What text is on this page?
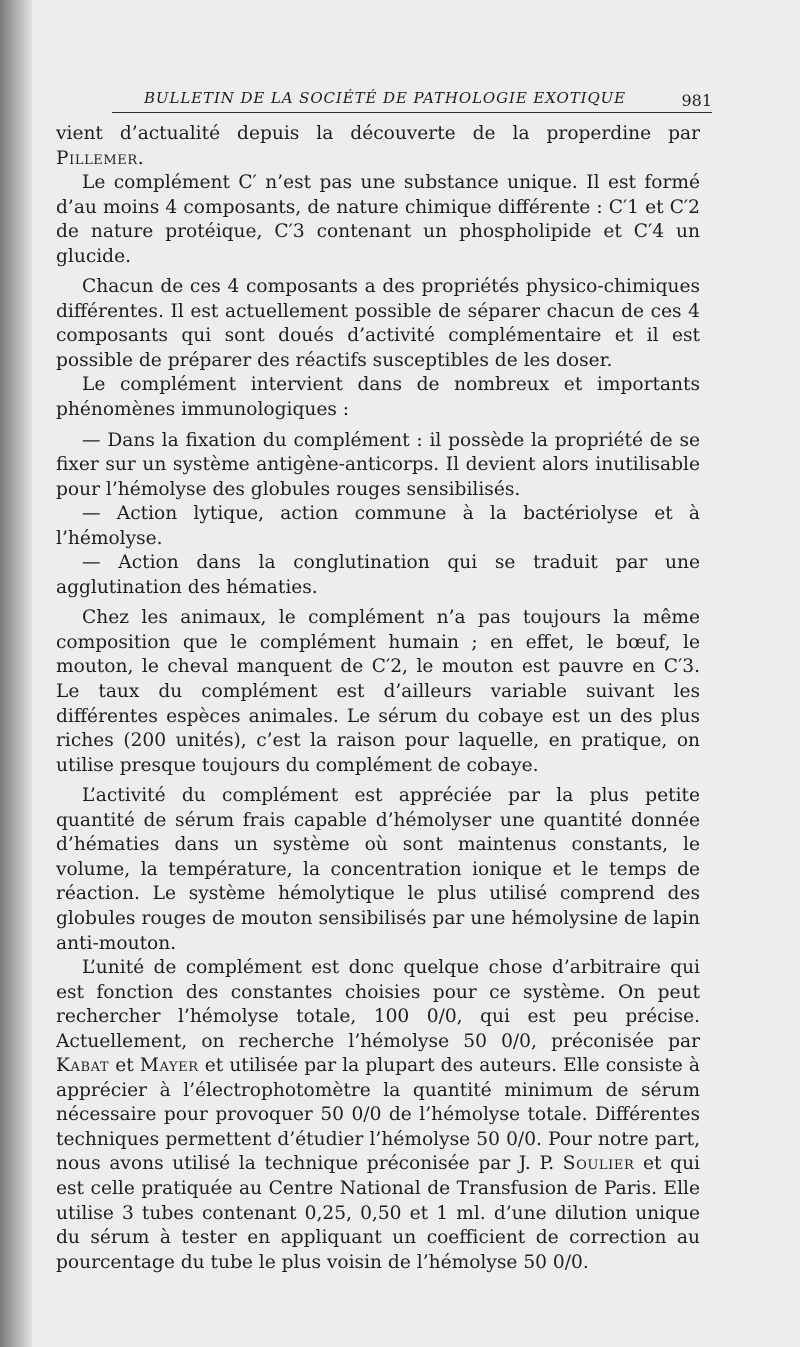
BULLETIN DE LA SOCIÉTÉ DE PATHOLOGIE EXOTIQUE	981

vient d’actualité depuis la découverte de la properdine par Pillemer.

Le complément C′ n’est pas une substance unique. Il est formé d’au moins 4 composants, de nature chimique différente : C′1 et C′2 de nature protéique, C′3 contenant un phospholipide et C′4 un glucide.

Chacun de ces 4 composants a des propriétés physico-chimiques différentes. Il est actuellement possible de séparer chacun de ces 4 composants qui sont doués d’activité complémentaire et il est possible de préparer des réactifs susceptibles de les doser.

Le complément intervient dans de nombreux et importants phénomènes immunologiques :

— Dans la fixation du complément : il possède la propriété de se fixer sur un système antigène-anticorps. Il devient alors inutilisable pour l’hémolyse des globules rouges sensibilisés.

— Action lytique, action commune à la bactériolyse et à l’hémolyse.

— Action dans la conglutination qui se traduit par une agglutination des hématies.

Chez les animaux, le complément n’a pas toujours la même composition que le complément humain ; en effet, le bœuf, le mouton, le cheval manquent de C′2, le mouton est pauvre en C′3. Le taux du complément est d’ailleurs variable suivant les différentes espèces animales. Le sérum du cobaye est un des plus riches (200 unités), c’est la raison pour laquelle, en pratique, on utilise presque toujours du complément de cobaye.

L’activité du complément est appréciée par la plus petite quantité de sérum frais capable d’hémolyser une quantité donnée d’hématies dans un système où sont maintenus constants, le volume, la température, la concentration ionique et le temps de réaction. Le système hémolytique le plus utilisé comprend des globules rouges de mouton sensibilisés par une hémolysine de lapin anti-mouton.

L’unité de complément est donc quelque chose d’arbitraire qui est fonction des constantes choisies pour ce système. On peut rechercher l’hémolyse totale, 100 0/0, qui est peu précise. Actuellement, on recherche l’hémolyse 50 0/0, préconisée par Kabat et Mayer et utilisée par la plupart des auteurs. Elle consiste à apprécier à l’électrophotomètre la quantité minimum de sérum nécessaire pour provoquer 50 0/0 de l’hémolyse totale. Différentes techniques permettent d’étudier l’hémolyse 50 0/0. Pour notre part, nous avons utilisé la technique préconisée par J. P. Soulier et qui est celle pratiquée au Centre National de Transfusion de Paris. Elle utilise 3 tubes contenant 0,25, 0,50 et 1 ml. d’une dilution unique du sérum à tester en appliquant un coefficient de correction au pourcentage du tube le plus voisin de l’hémolyse 50 0/0.
